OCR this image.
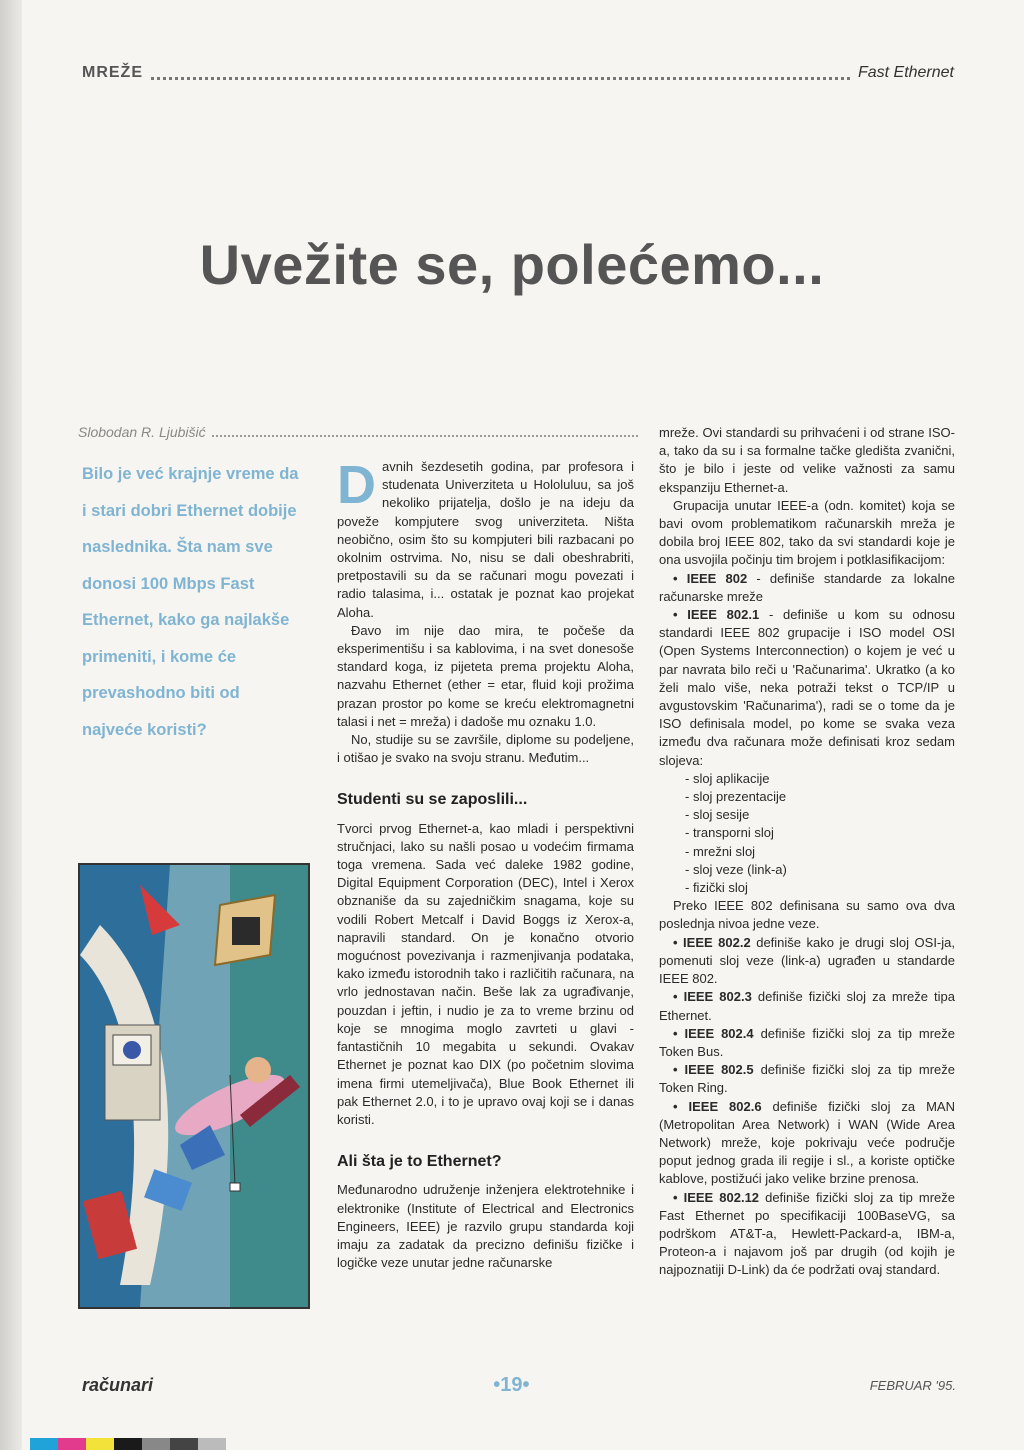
MREŽE	Fast Ethernet
Uvežite se, polećemo...
Slobodan R. Ljubišić
Bilo je već krajnje vreme da i stari dobri Ethernet dobije naslednika. Šta nam sve donosi 100 Mbps Fast Ethernet, kako ga najlakše primeniti, i kome će prevashodno biti od najveće koristi?

Davnih šezdesetih godina, par profesora i studenata Univerziteta u Hololuluu, sa još nekoliko prijatelja, došlo je na ideju da poveže kompjutere svog univerziteta. Ništa neobično, osim što su kompjuteri bili razbacani po okolnim ostrvima. No, nisu se dali obeshrabriti, pretpostavili su da se računari mogu povezati i radio talasima, i... ostatak je poznat kao projekat Aloha.

Đavo im nije dao mira, te počeše da eksperimentišu i sa kablovima, i na svet donesoše standard koga, iz pijeteta prema projektu Aloha, nazvahu Ethernet (ether = etar, fluid koji prožima prazan prostor po kome se kreću elektromagnetni talasi i net = mreža) i dadoše mu oznaku 1.0.

No, studije su se završile, diplome su podeljene, i otišao je svako na svoju stranu. Međutim...

Studenti su se zaposlili...

Tvorci prvog Ethernet-a, kao mladi i perspektivni stručnjaci, lako su našli posao u vodećim firmama toga vremena. Sada već daleke 1982 godine, Digital Equipment Corporation (DEC), Intel i Xerox obznaniše da su zajedničkim snagama, koje su vodili Robert Metcalf i David Boggs iz Xerox-a, napravili standard. On je konačno otvorio mogućnost povezivanja i razmenjivanja podataka, kako između istorodnih tako i različitih računara, na vrlo jednostavan način. Beše lak za ugrađivanje, pouzdan i jeftin, i nudio je za to vreme brzinu od koje se mnogima moglo zavrteti u glavi - fantastičnih 10 megabita u sekundi. Ovakav Ethernet je poznat kao DIX (po početnim slovima imena firmi utemeljivača), Blue Book Ethernet ili pak Ethernet 2.0, i to je upravo ovaj koji se i danas koristi.

Ali šta je to Ethernet?

Međunarodno udruženje inženjera elektrotehnike i elektronike (Institute of Electrical and Electronics Engineers, IEEE) je razvilo grupu standarda koji imaju za zadatak da precizno definišu fizičke i logičke veze unutar jedne računarske

mreže. Ovi standardi su prihvaćeni i od strane ISO-a, tako da su i sa formalne tačke gledišta zvanični, što je bilo i jeste od velike važnosti za samu ekspanziju Ethernet-a.

Grupacija unutar IEEE-a (odn. komitet) koja se bavi ovom problematikom računarskih mreža je dobila broj IEEE 802, tako da svi standardi koje je ona usvojila počinju tim brojem i potklasifikacijom:

• IEEE 802 - definiše standarde za lokalne računarske mreže

• IEEE 802.1 - definiše u kom su odnosu standardi IEEE 802 grupacije i ISO model OSI (Open Systems Interconnection) o kojem je već u par navrata bilo reči u 'Računarima'. Ukratko (a ko želi malo više, neka potraži tekst o TCP/IP u avgustovskim 'Računarima'), radi se o tome da je ISO definisala model, po kome se svaka veza između dva računara može definisati kroz sedam slojeva:

- sloj aplikacije
- sloj prezentacije
- sloj sesije
- transporni sloj
- mrežni sloj
- sloj veze (link-a)
- fizički sloj

Preko IEEE 802 definisana su samo ova dva poslednja nivoa jedne veze.

• IEEE 802.2 definiše kako je drugi sloj OSI-ja, pomenuti sloj veze (link-a) ugrađen u standarde IEEE 802.

• IEEE 802.3 definiše fizički sloj za mreže tipa Ethernet.

• IEEE 802.4 definiše fizički sloj za tip mreže Token Bus.

• IEEE 802.5 definiše fizički sloj za tip mreže Token Ring.

• IEEE 802.6 definiše fizički sloj za MAN (Metropolitan Area Network) i WAN (Wide Area Network) mreže, koje pokrivaju veće područje poput jednog grada ili regije i sl., a koriste optičke kablove, postižući jako velike brzine prenosa.

• IEEE 802.12 definiše fizički sloj za tip mreže Fast Ethernet po specifikaciji 100BaseVG, sa podrškom AT&T-a, Hewlett-Packard-a, IBM-a, Proteon-a i najavom još par drugih (od kojih je najpoznatiji D-Link) da će podržati ovaj standard.

računari	•19•	FEBRUAR '95.
